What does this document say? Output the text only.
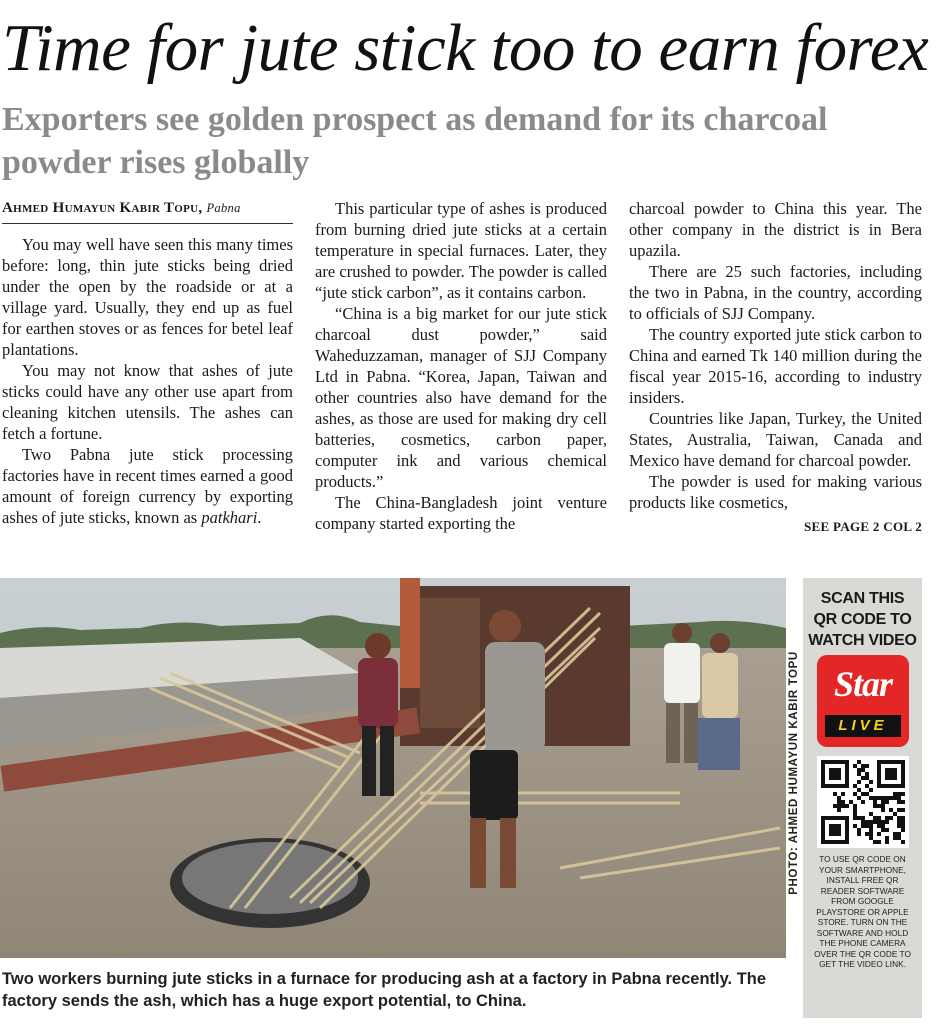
Time for jute stick too to earn forex
Exporters see golden prospect as demand for its charcoal powder rises globally
Ahmed Humayun Kabir Topu, Pabna

You may well have seen this many times before: long, thin jute sticks being dried under the open by the roadside or at a village yard. Usually, they end up as fuel for earthen stoves or as fences for betel leaf plantations.

You may not know that ashes of jute sticks could have any other use apart from cleaning kitchen utensils. The ashes can fetch a fortune.

Two Pabna jute stick processing factories have in recent times earned a good amount of foreign currency by exporting ashes of jute sticks, known as patkhari.

This particular type of ashes is produced from burning dried jute sticks at a certain temperature in special furnaces. Later, they are crushed to powder. The powder is called “jute stick carbon”, as it contains carbon.

“China is a big market for our jute stick charcoal dust powder,” said Waheduzzaman, manager of SJJ Company Ltd in Pabna. “Korea, Japan, Taiwan and other countries also have demand for the ashes, as those are used for making dry cell batteries, cosmetics, carbon paper, computer ink and various chemical products.”

The China-Bangladesh joint venture company started exporting the

charcoal powder to China this year. The other company in the district is in Bera upazila.

There are 25 such factories, including the two in Pabna, in the country, according to officials of SJJ Company.

The country exported jute stick carbon to China and earned Tk 140 million during the fiscal year 2015-16, according to industry insiders.

Countries like Japan, Turkey, the United States, Australia, Taiwan, Canada and Mexico have demand for charcoal powder.

The powder is used for making various products like cosmetics,

SEE PAGE 2 COL 2
PHOTO: AHMED HUMAYUN KABIR TOPU
Two workers burning jute sticks in a furnace for producing ash at a factory in Pabna recently. The factory sends the ash, which has a huge export potential, to China.
SCAN THIS
QR CODE TO
WATCH VIDEO
Star
LIVE
TO USE QR CODE ON YOUR SMARTPHONE, INSTALL FREE QR READER SOFTWARE FROM GOOGLE PLAYSTORE OR APPLE STORE. TURN ON THE SOFTWARE AND HOLD THE PHONE CAMERA OVER THE QR CODE TO GET THE VIDEO LINK.
